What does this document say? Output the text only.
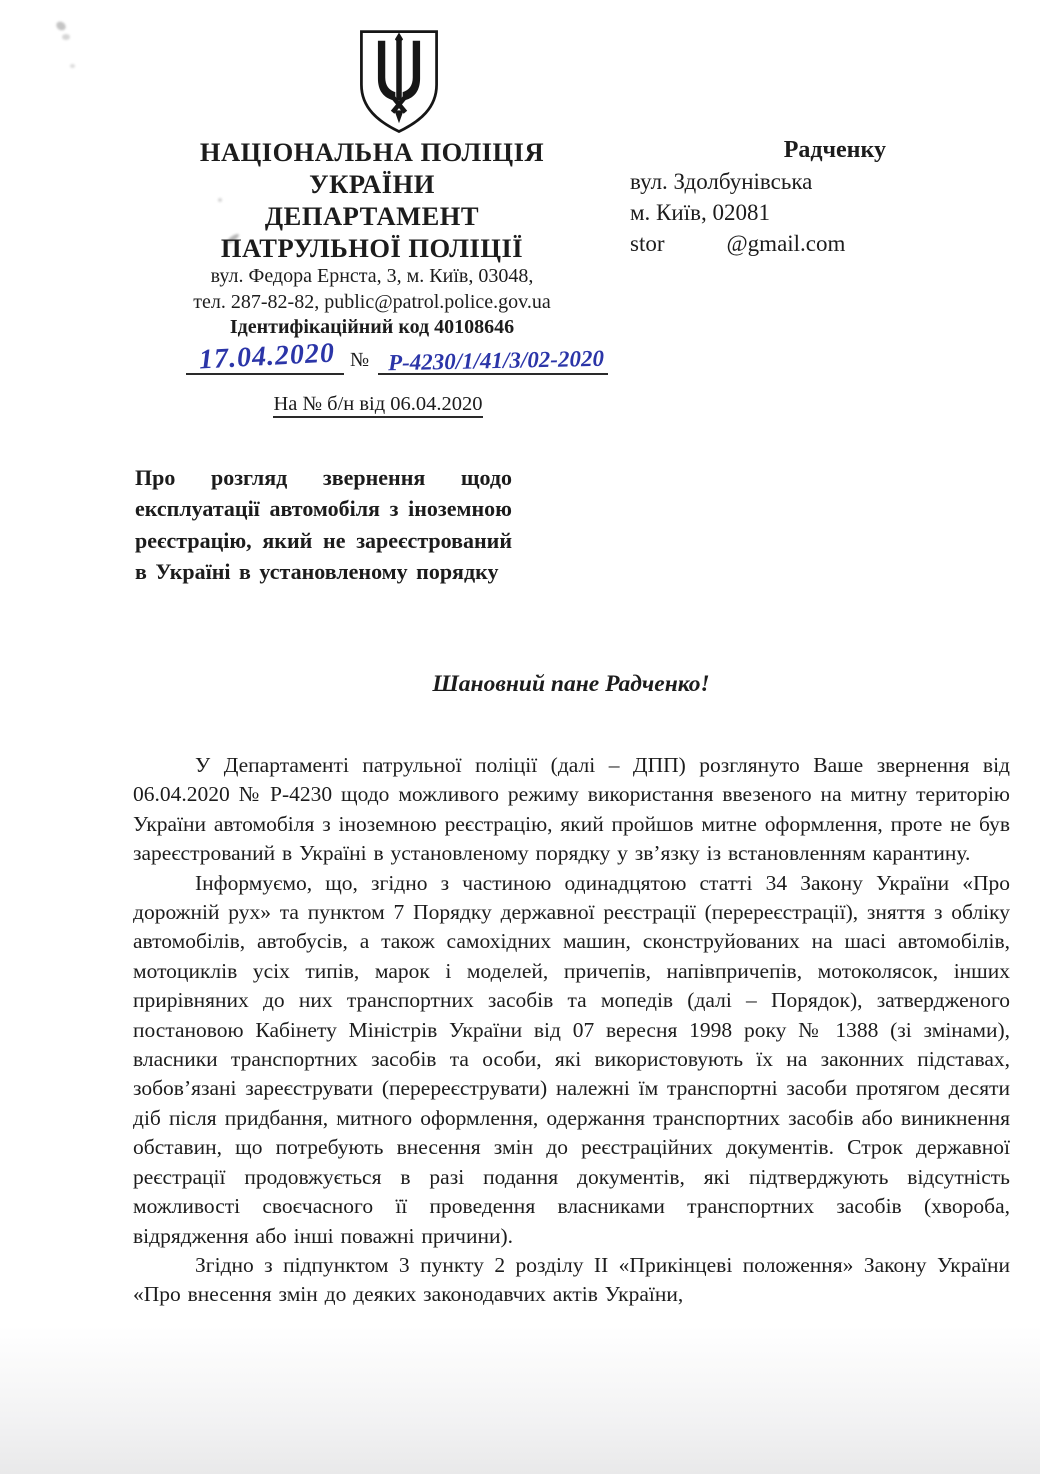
НАЦІОНАЛЬНА ПОЛІЦІЯ
УКРАЇНИ
ДЕПАРТАМЕНТ
ПАТРУЛЬНОЇ ПОЛІЦІЇ
вул. Федора Ернста, 3, м. Київ, 03048,
тел. 287-82-82, public@patrol.police.gov.ua
Ідентифікаційний код 40108646
17.04.2020 № Р-4230/1/41/3/02-2020
На № б/н від 06.04.2020
Радченку
вул. Здолбунівська
м. Київ, 02081
stor	@gmail.com
Про розгляд звернення щодо експлуатації автомобіля з іноземною реєстрацію, який не зареєстрований в Україні в установленому порядку
Шановний пане Радченко!

У Департаменті патрульної поліції (далі – ДПП) розглянуто Ваше звернення від 06.04.2020 № Р-4230 щодо можливого режиму використання ввезеного на митну територію України автомобіля з іноземною реєстрацію, який пройшов митне оформлення, проте не був зареєстрований в Україні в установленому порядку у зв’язку із встановленням карантину.

Інформуємо, що, згідно з частиною одинадцятою статті 34 Закону України «Про дорожній рух» та пунктом 7 Порядку державної реєстрації (перереєстрації), зняття з обліку автомобілів, автобусів, а також самохідних машин, сконструйованих на шасі автомобілів, мотоциклів усіх типів, марок і моделей, причепів, напівпричепів, мотоколясок, інших прирівняних до них транспортних засобів та мопедів (далі – Порядок), затвердженого постановою Кабінету Міністрів України від 07 вересня 1998 року № 1388 (зі змінами), власники транспортних засобів та особи, які використовують їх на законних підставах, зобов’язані зареєструвати (перереєструвати) належні їм транспортні засоби протягом десяти діб після придбання, митного оформлення, одержання транспортних засобів або виникнення обставин, що потребують внесення змін до реєстраційних документів. Строк державної реєстрації продовжується в разі подання документів, які підтверджують відсутність можливості своєчасного її проведення власниками транспортних засобів (хвороба, відрядження або інші поважні причини).

Згідно з підпунктом 3 пункту 2 розділу ІІ «Прикінцеві положення» Закону України «Про внесення змін до деяких законодавчих актів України,
